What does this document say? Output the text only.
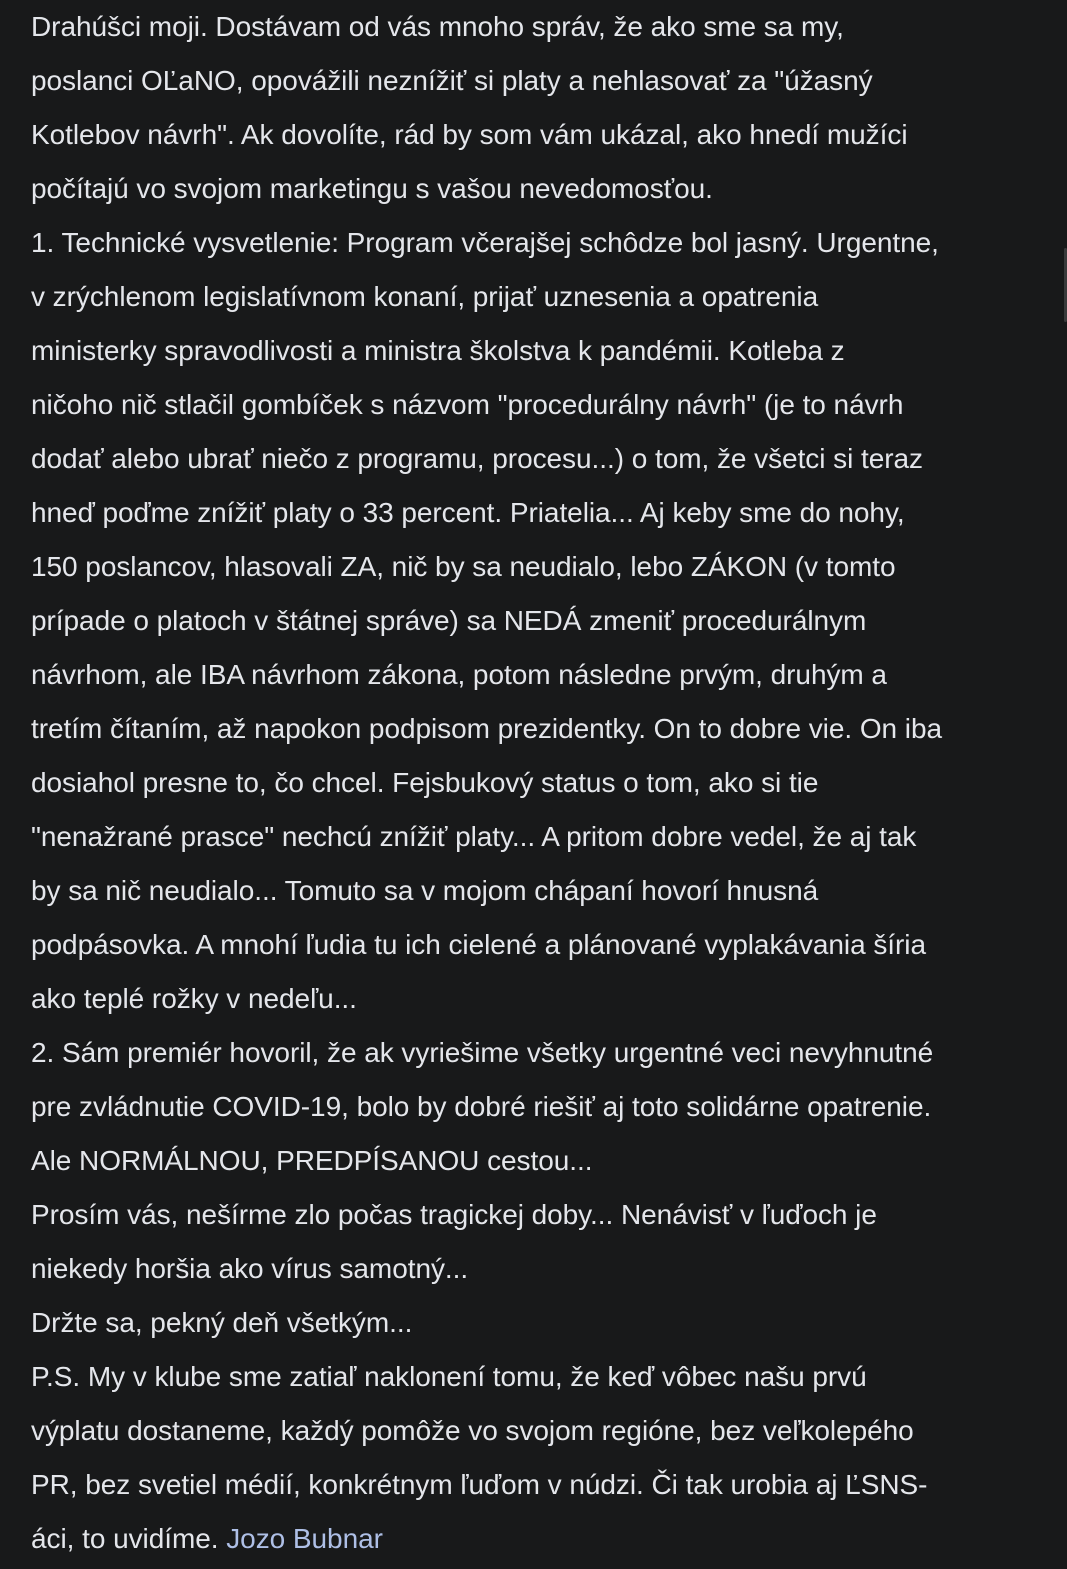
Drahúšci moji. Dostávam od vás mnoho správ, že ako sme sa my,
poslanci OĽaNO, opovážili neznížiť si platy a nehlasovať za "úžasný
Kotlebov návrh". Ak dovolíte, rád by som vám ukázal, ako hnedí mužíci
počítajú vo svojom marketingu s vašou nevedomosťou.
1. Technické vysvetlenie: Program včerajšej schôdze bol jasný. Urgentne,
v zrýchlenom legislatívnom konaní, prijať uznesenia a opatrenia
ministerky spravodlivosti a ministra školstva k pandémii. Kotleba z
ničoho nič stlačil gombíček s názvom "procedurálny návrh" (je to návrh
dodať alebo ubrať niečo z programu, procesu...) o tom, že všetci si teraz
hneď poďme znížiť platy o 33 percent. Priatelia... Aj keby sme do nohy,
150 poslancov, hlasovali ZA, nič by sa neudialo, lebo ZÁKON (v tomto
prípade o platoch v štátnej správe) sa NEDÁ zmeniť procedurálnym
návrhom, ale IBA návrhom zákona, potom následne prvým, druhým a
tretím čítaním, až napokon podpisom prezidentky. On to dobre vie. On iba
dosiahol presne to, čo chcel. Fejsbukový status o tom, ako si tie
"nenažrané prasce" nechcú znížiť platy... A pritom dobre vedel, že aj tak
by sa nič neudialo... Tomuto sa v mojom chápaní hovorí hnusná
podpásovka. A mnohí ľudia tu ich cielené a plánované vyplakávania šíria
ako teplé rožky v nedeľu...
2. Sám premiér hovoril, že ak vyriešime všetky urgentné veci nevyhnutné
pre zvládnutie COVID-19, bolo by dobré riešiť aj toto solidárne opatrenie.
Ale NORMÁLNOU, PREDPÍSANOU cestou...
Prosím vás, nešírme zlo počas tragickej doby... Nenávisť v ľuďoch je
niekedy horšia ako vírus samotný...
Držte sa, pekný deň všetkým...
P.S. My v klube sme zatiaľ naklonení tomu, že keď vôbec našu prvú
výplatu dostaneme, každý pomôže vo svojom regióne, bez veľkolepého
PR, bez svetiel médií, konkrétnym ľuďom v núdzi. Či tak urobia aj ĽSNS-
áci, to uvidíme. Jozo Bubnar
